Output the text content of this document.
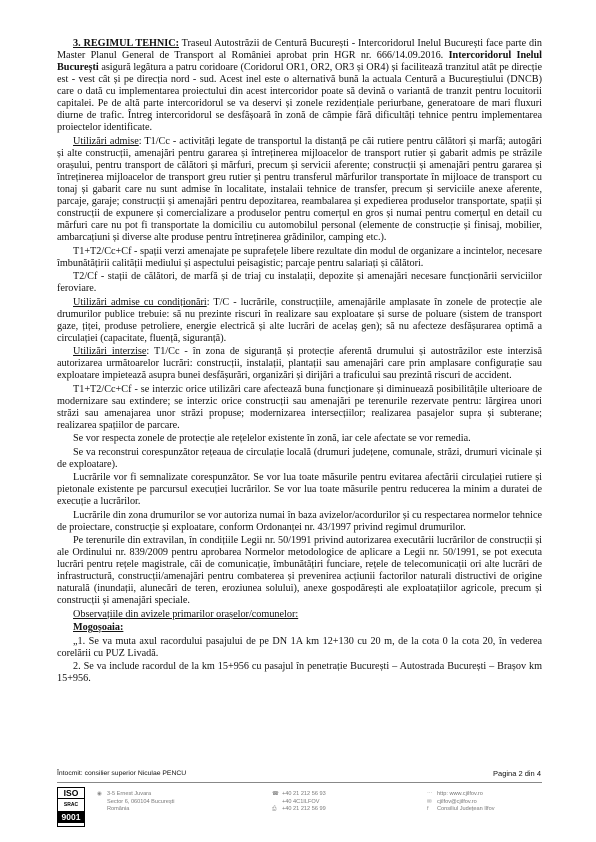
3. REGIMUL TEHNIC: Traseul Autostrăzii de Centură București - Intercoridorul Inelul București face parte din Master Planul General de Transport al României aprobat prin HGR nr. 666/14.09.2016. Intercoridorul Inelul București asigură legătura a patru coridoare (Coridorul OR1, OR2, OR3 și OR4) și facilitează tranzitul atât pe direcție est - vest cât și pe direcția nord - sud. Acest inel este o alternativă bună la actuala Centură a Bucureștiului (DNCB) care o dată cu implementarea proiectului din acest intercoridor poate să devină o variantă de tranzit pentru locuitorii capitalei. Pe de altă parte intercoridorul se va deservi și zonele rezidențiale periurbane, generatoare de mari fluxuri diurne de trafic. Întreg intercoridorul se desfășoară în zonă de câmpie fără dificultăți tehnice pentru implementarea proiectelor identificate.

Utilizări admise: T1/Cc - activități legate de transportul la distanță pe căi rutiere pentru călători și marfă; autogări și alte construcții, amenajări pentru gararea și întreținerea mijloacelor de transport rutier și gabarit admis pe străzile orașului, pentru transport de călători și mărfuri, precum și servicii aferente; construcții și amenajări pentru gararea și întreținerea mijloacelor de transport greu rutier și pentru transferul mărfurilor transportate în mijloace de transport cu tonaj și gabarit care nu sunt admise în localitate, instalaii tehnice de transfer, precum și serviciile anexe aferente, parcaje, garaje; construcții și amenajări pentru depozitarea, reambalarea și expedierea produselor transportate, spații și construcții de expunere și comercializare a produselor pentru comerțul en gros și numai pentru comerțul en detail cu mărfuri care nu pot fi transportate la domiciliu cu automobilul personal (elemente de construcție și finisaj, mobilier, ambarcațiuni și diverse alte produse pentru întreținerea grădinilor, camping etc.).

T1+T2/Cc+Cf - spații verzi amenajate pe suprafețele libere rezultate din modul de organizare a incintelor, necesare îmbunătățirii calității mediului și aspectului peisagistic; parcaje pentru salariați și călători.

T2/Cf - stații de călători, de marfă și de triaj cu instalații, depozite și amenajări necesare funcționării serviciilor feroviare.

Utilizări admise cu condiționări: T/C - lucrările, construcțiile, amenajările amplasate în zonele de protecție ale drumurilor publice trebuie: să nu prezinte riscuri în realizare sau exploatare și surse de poluare (sistem de transport gaze, țiței, produse petroliere, energie electrică și alte lucrări de acelaș gen); să nu afecteze desfășurarea optimă a circulației (capacitate, fluență, siguranță).

Utilizări interzise: T1/Cc - în zona de siguranță și protecție aferentă drumului și autostrăzilor este interzisă autorizarea următoarelor lucrări: construcții, instalații, plantații sau amenajări care prin amplasare configurație sau exploatare impietează asupra bunei desfășurări, organizări și dirijări a traficului sau prezintă riscuri de accident.

T1+T2/Cc+Cf - se interzic orice utilizări care afectează buna funcționare și diminuează posibilitățile ulterioare de modernizare sau extindere; se interzic orice construcții sau amenajări pe terenurile rezervate pentru: lărgirea unori străzi sau amenajarea unor străzi propuse; modernizarea intersecțiilor; realizarea pasajelor supra și subterane; realizarea spațiilor de parcare.

Se vor respecta zonele de protecție ale rețelelor existente în zonă, iar cele afectate se vor remedia.

Se va reconstrui corespunzător rețeaua de circulație locală (drumuri județene, comunale, străzi, drumuri vicinale și de exploatare).

Lucrările vor fi semnalizate corespunzător. Se vor lua toate măsurile pentru evitarea afectării circulației rutiere și pietonale existente pe parcursul execuției lucrărilor. Se vor lua toate măsurile pentru reducerea la minim a duratei de execuție a lucrărilor.

Lucrările din zona drumurilor se vor autoriza numai în baza avizelor/acordurilor și cu respectarea normelor tehnice de proiectare, construcție și exploatare, conform Ordonanței nr. 43/1997 privind regimul drumurilor.

Pe terenurile din extravilan, în condițiile Legii nr. 50/1991 privind autorizarea executării lucrărilor de construcții și ale Ordinului nr. 839/2009 pentru aprobarea Normelor metodologice de aplicare a Legii nr. 50/1991, se pot executa lucrări pentru rețele magistrale, căi de comunicație, îmbunătățiri funciare, rețele de telecomunicații ori alte lucrări de infrastructură, construcții/amenajări pentru combaterea și prevenirea acțiunii factorilor naturali distructivi de origine naturală (inundații, alunecări de teren, eroziunea solului), anexe gospodărești ale exploatațiilor agricole, precum și construcții și amenajări speciale.

Observațiile din avizele primarilor orașelor/comunelor:

Mogoșoaia:

„1. Se va muta axul racordului pasajului de pe DN 1A km 12+130 cu 20 m, de la cota 0 la cota 20, în vederea corelării cu PUZ Livadă.

2. Se va include racordul de la km 15+956 cu pasajul în penetrație București – Autostrada București – Brașov km 15+956.

Întocmit: consilier superior Niculae PENCU	Pagina 2 din 4
ISO
SRAC
9001
◉ 3-5 Ernest Juvara
Sector 6, 060104 București
România
☎ +40 21 212 56 93
+40 4C1ILFOV
⎙ +40 21 212 56 99
⋯ http: www.cjilfov.ro
✉ cjilfov@cjilfov.ro
f Consiliul Județean Ilfov
